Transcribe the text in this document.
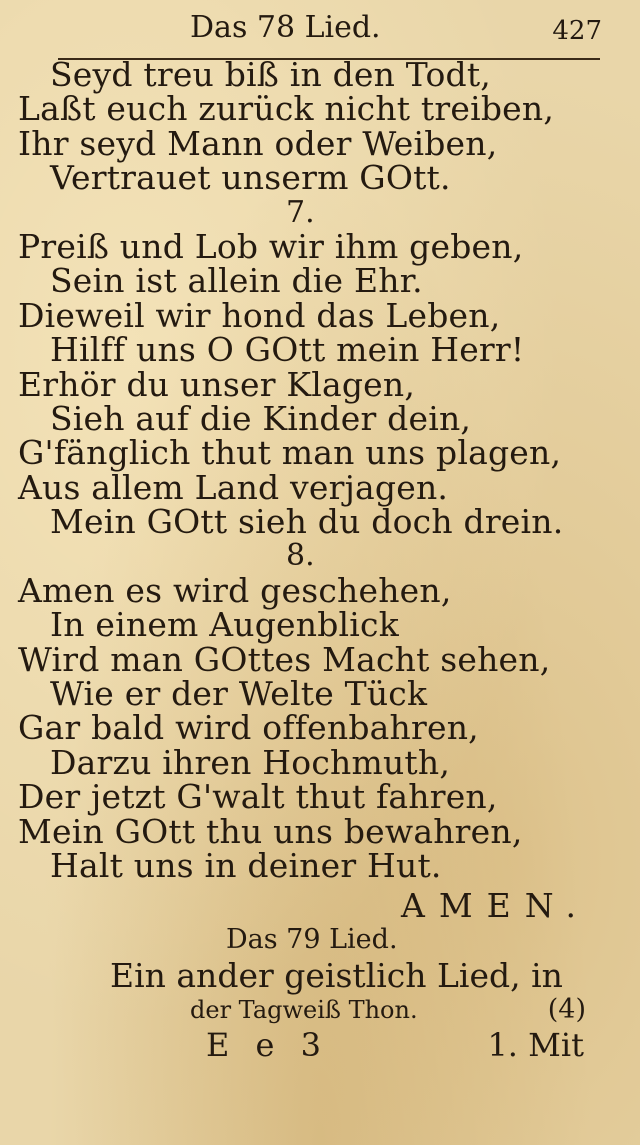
Das 78 Lied.	427
Seyd treu biß in den Todt,
Laßt euch zurück nicht treiben,
Ihr seyd Mann oder Weiben,
Vertrauet unserm GOtt.
7.
Preiß und Lob wir ihm geben,
Sein ist allein die Ehr.
Dieweil wir hond das Leben,
Hilff uns O GOtt mein Herr!
Erhör du unser Klagen,
Sieh auf die Kinder dein,
G'fänglich thut man uns plagen,
Aus allem Land verjagen.
Mein GOtt sieh du doch drein.
8.
Amen es wird geschehen,
In einem Augenblick
Wird man GOttes Macht sehen,
Wie er der Welte Tück
Gar bald wird offenbahren,
Darzu ihren Hochmuth,
Der jetzt G'walt thut fahren,
Mein GOtt thu uns bewahren,
Halt uns in deiner Hut.
AMEN.
Das 79 Lied.
Ein ander geistlich Lied, in
der Tagweiß Thon.	(4)
E e 3	1. Mit
